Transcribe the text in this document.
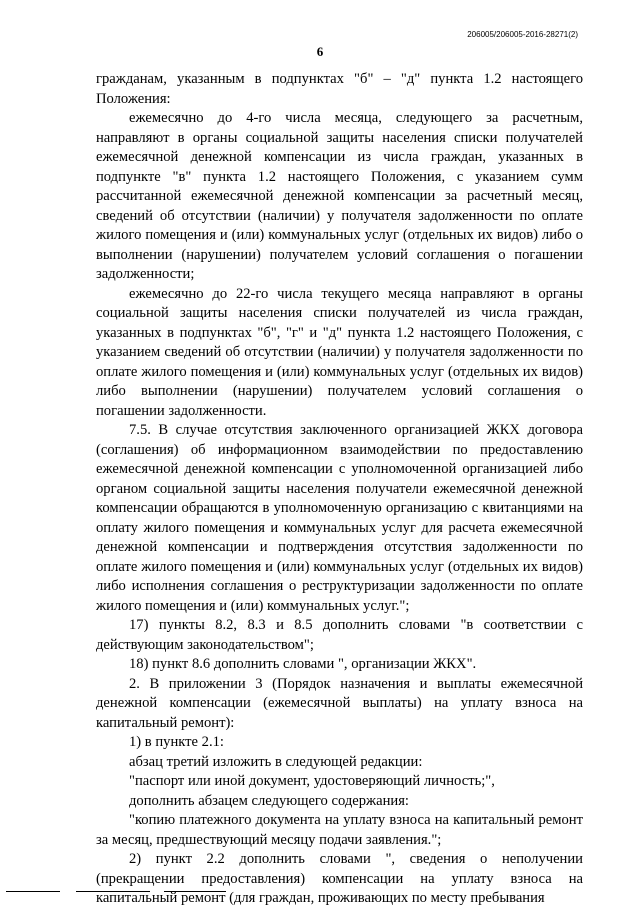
206005/206005-2016-28271(2)
6

гражданам, указанным в подпунктах "б" – "д" пункта 1.2 настоящего Положения:

ежемесячно до 4-го числа месяца, следующего за расчетным, направляют в органы социальной защиты населения списки получателей ежемесячной денежной компенсации из числа граждан, указанных в подпункте "в" пункта 1.2 настоящего Положения, с указанием сумм рассчитанной ежемесячной денежной компенсации за расчетный месяц, сведений об отсутствии (наличии) у получателя задолженности по оплате жилого помещения и (или) коммунальных услуг (отдельных их видов) либо о выполнении (нарушении) получателем условий соглашения о погашении задолженности;

ежемесячно до 22-го числа текущего месяца направляют в органы социальной защиты населения списки получателей из числа граждан, указанных в подпунктах "б", "г" и "д" пункта 1.2 настоящего Положения, с указанием сведений об отсутствии (наличии) у получателя задолженности по оплате жилого помещения и (или) коммунальных услуг (отдельных их видов) либо выполнении (нарушении) получателем условий соглашения о погашении задолженности.

7.5. В случае отсутствия заключенного организацией ЖКХ договора (соглашения) об информационном взаимодействии по предоставлению ежемесячной денежной компенсации с уполномоченной организацией либо органом социальной защиты населения получатели ежемесячной денежной компенсации обращаются в уполномоченную организацию с квитанциями на оплату жилого помещения и коммунальных услуг для расчета ежемесячной денежной компенсации и подтверждения отсутствия задолженности по оплате жилого помещения и (или) коммунальных услуг (отдельных их видов) либо исполнения соглашения о реструктуризации задолженности по оплате жилого помещения и (или) коммунальных услуг.";

17) пункты 8.2, 8.3 и 8.5 дополнить словами "в соответствии с действующим законодательством";

18) пункт 8.6 дополнить словами ", организации ЖКХ".

2. В приложении 3 (Порядок назначения и выплаты ежемесячной денежной компенсации (ежемесячной выплаты) на уплату взноса на капитальный ремонт):

1) в пункте 2.1:

абзац третий изложить в следующей редакции:

"паспорт или иной документ, удостоверяющий личность;",

дополнить абзацем следующего содержания:

"копию платежного документа на уплату взноса на капитальный ремонт за месяц, предшествующий месяцу подачи заявления.";

2) пункт 2.2 дополнить словами ", сведения о неполучении (прекращении предоставления) компенсации на уплату взноса на капитальный ремонт (для граждан, проживающих по месту пребывания
